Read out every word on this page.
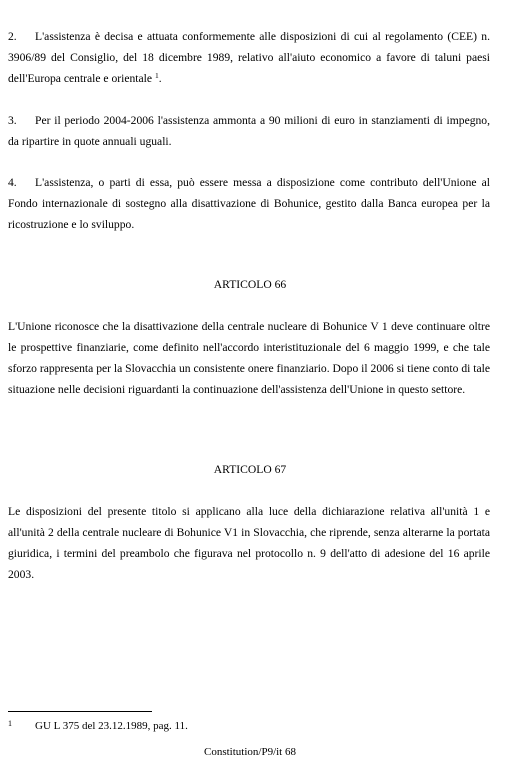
2. L'assistenza è decisa e attuata conformemente alle disposizioni di cui al regolamento (CEE) n. 3906/89 del Consiglio, del 18 dicembre 1989, relativo all'aiuto economico a favore di taluni paesi dell'Europa centrale e orientale $^1$.

3. Per il periodo 2004-2006 l'assistenza ammonta a 90 milioni di euro in stanziamenti di impegno, da ripartire in quote annuali uguali.

4. L'assistenza, o parti di essa, può essere messa a disposizione come contributo dell'Unione al Fondo internazionale di sostegno alla disattivazione di Bohunice, gestito dalla Banca europea per la ricostruzione e lo sviluppo.

ARTICOLO 66

L'Unione riconosce che la disattivazione della centrale nucleare di Bohunice V 1 deve continuare oltre le prospettive finanziarie, come definito nell'accordo interistituzionale del 6 maggio 1999, e che tale sforzo rappresenta per la Slovacchia un consistente onere finanziario. Dopo il 2006 si tiene conto di tale situazione nelle decisioni riguardanti la continuazione dell'assistenza dell'Unione in questo settore.

ARTICOLO 67

Le disposizioni del presente titolo si applicano alla luce della dichiarazione relativa all'unità 1 e all'unità 2 della centrale nucleare di Bohunice V1 in Slovacchia, che riprende, senza alterarne la portata giuridica, i termini del preambolo che figurava nel protocollo n. 9 dell'atto di adesione del 16 aprile 2003.

1 GU L 375 del 23.12.1989, pag. 11.

Constitution/P9/it 68
